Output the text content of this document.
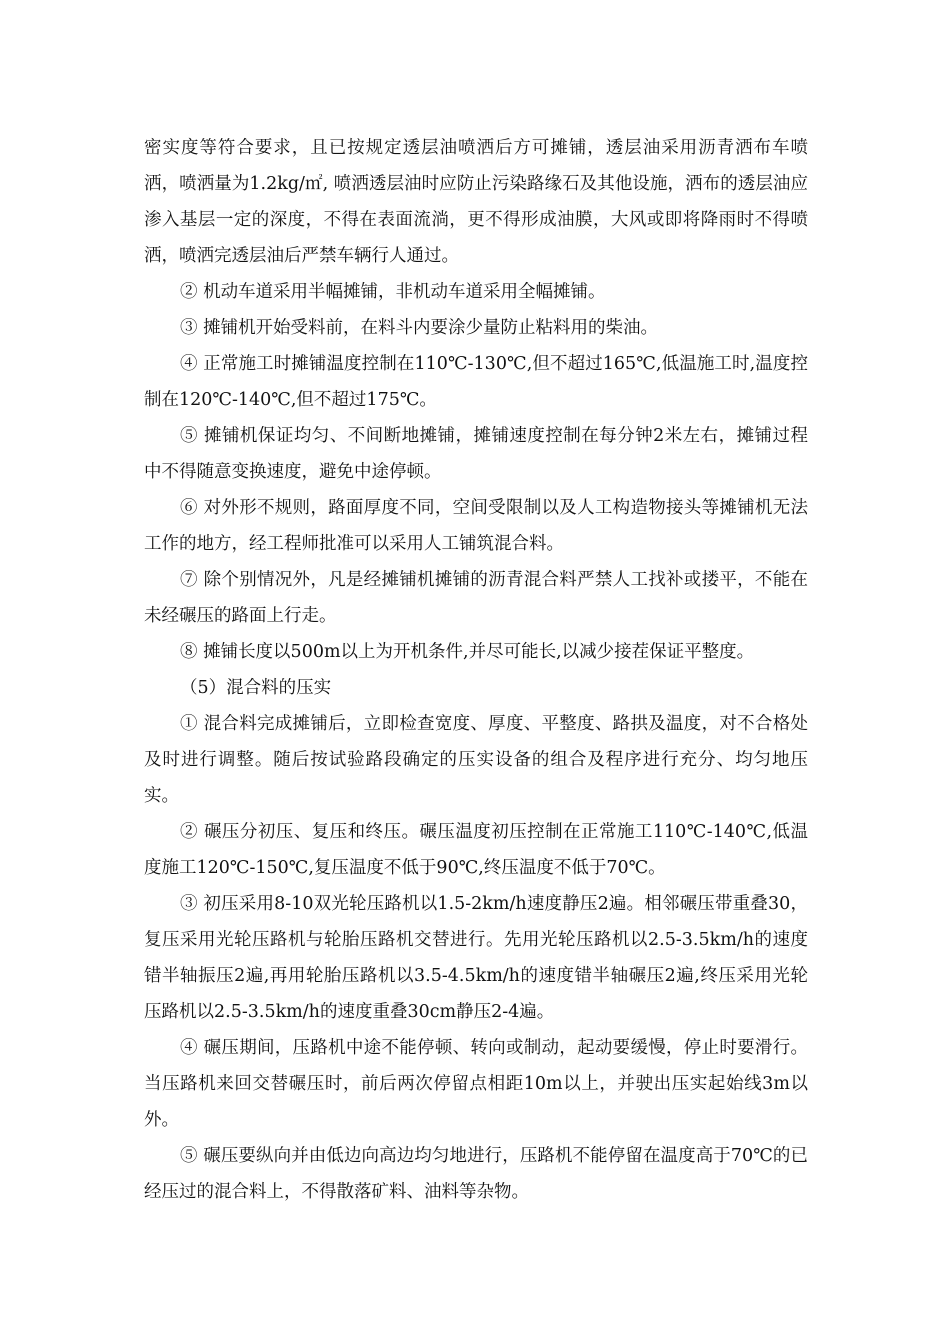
密实度等符合要求，且已按规定透层油喷洒后方可摊铺，透层油采用沥青洒布车喷洒，喷洒量为1.2kg/㎡, 喷洒透层油时应防止污染路缘石及其他设施，洒布的透层油应渗入基层一定的深度，不得在表面流淌，更不得形成油膜，大风或即将降雨时不得喷洒，喷洒完透层油后严禁车辆行人通过。

② 机动车道采用半幅摊铺，非机动车道采用全幅摊铺。

③ 摊铺机开始受料前，在料斗内要涂少量防止粘料用的柴油。

④ 正常施工时摊铺温度控制在110℃-130℃,但不超过165℃,低温施工时,温度控制在120℃-140℃,但不超过175℃。

⑤ 摊铺机保证均匀、不间断地摊铺，摊铺速度控制在每分钟2米左右，摊铺过程中不得随意变换速度，避免中途停顿。

⑥ 对外形不规则，路面厚度不同，空间受限制以及人工构造物接头等摊铺机无法工作的地方，经工程师批准可以采用人工铺筑混合料。

⑦ 除个别情况外，凡是经摊铺机摊铺的沥青混合料严禁人工找补或搂平，不能在未经碾压的路面上行走。

⑧ 摊铺长度以500m以上为开机条件,并尽可能长,以减少接茬保证平整度。

（5）混合料的压实

① 混合料完成摊铺后，立即检查宽度、厚度、平整度、路拱及温度，对不合格处及时进行调整。随后按试验路段确定的压实设备的组合及程序进行充分、均匀地压实。

② 碾压分初压、复压和终压。碾压温度初压控制在正常施工110℃-140℃,低温度施工120℃-150℃,复压温度不低于90℃,终压温度不低于70℃。

③ 初压采用8-10双光轮压路机以1.5-2km/h速度静压2遍。相邻碾压带重叠30，复压采用光轮压路机与轮胎压路机交替进行。先用光轮压路机以2.5-3.5km/h的速度错半轴振压2遍,再用轮胎压路机以3.5-4.5km/h的速度错半轴碾压2遍,终压采用光轮压路机以2.5-3.5km/h的速度重叠30cm静压2-4遍。

④ 碾压期间，压路机中途不能停顿、转向或制动，起动要缓慢，停止时要滑行。当压路机来回交替碾压时，前后两次停留点相距10m以上，并驶出压实起始线3m以外。

⑤ 碾压要纵向并由低边向高边均匀地进行，压路机不能停留在温度高于70℃的已经压过的混合料上，不得散落矿料、油料等杂物。
